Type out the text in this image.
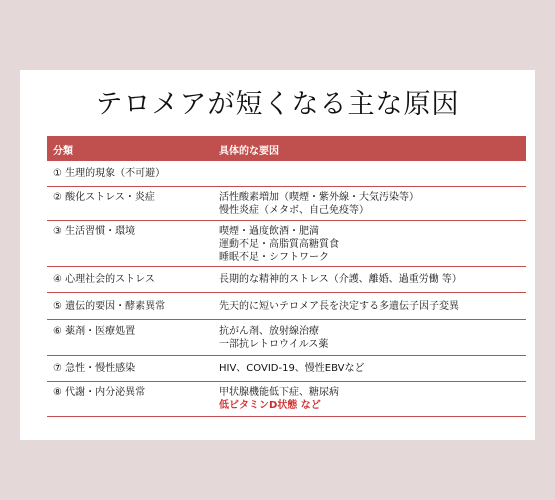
テロメアが短くなる主な原因
分類	具体的な要因
① 生理的現象（不可避）
② 酸化ストレス・炎症	活性酸素増加（喫煙・紫外線・大気汚染等）
慢性炎症（メタボ、自己免疫等）
③ 生活習慣・環境	喫煙・過度飲酒・肥満
運動不足・高脂質高糖質食
睡眠不足・シフトワーク
④ 心理社会的ストレス	長期的な精神的ストレス（介護、離婚、過重労働 等）
⑤ 遺伝的要因・酵素異常	先天的に短いテロメア長を決定する多遺伝子因子変異
⑥ 薬剤・医療処置	抗がん剤、放射線治療
一部抗レトロウイルス薬
⑦ 急性・慢性感染	HIV、COVID-19、慢性EBVなど
⑧ 代謝・内分泌異常	甲状腺機能低下症、糖尿病
低ビタミンD状態 など
